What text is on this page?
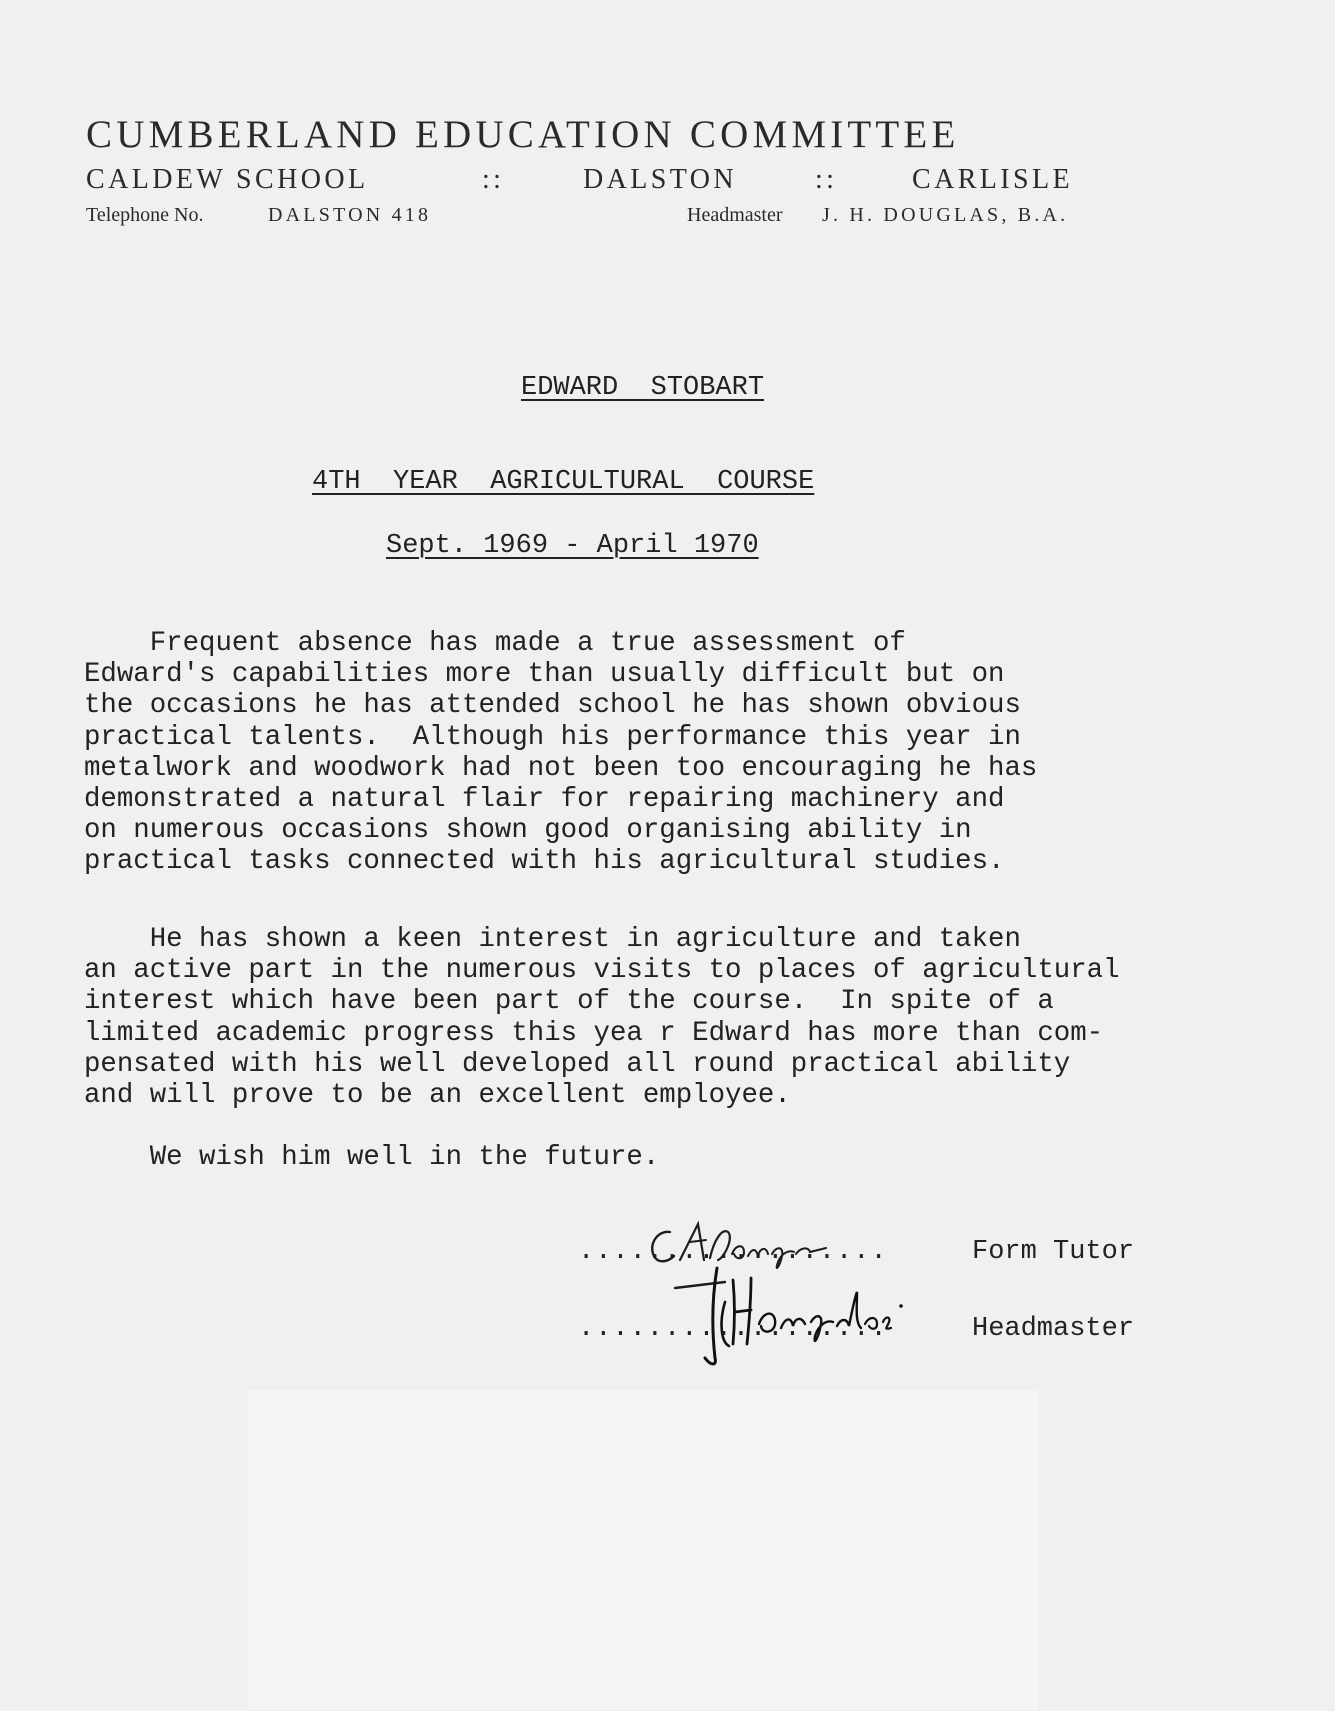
CUMBERLAND EDUCATION COMMITTEE
CALDEW SCHOOL	::	DALSTON	::	CARLISLE
Telephone No.	DALSTON 418	Headmaster J. H. DOUGLAS, B.A.
EDWARD  STOBART
4TH  YEAR  AGRICULTURAL  COURSE
Sept. 1969 - April 1970
Frequent absence has made a true assessment of
Edward's capabilities more than usually difficult but on
the occasions he has attended school he has shown obvious
practical talents.  Although his performance this year in
metalwork and woodwork had not been too encouraging he has
demonstrated a natural flair for repairing machinery and
on numerous occasions shown good organising ability in
practical tasks connected with his agricultural studies.
He has shown a keen interest in agriculture and taken
an active part in the numerous visits to places of agricultural
interest which have been part of the course.  In spite of a
limited academic progress this yea r Edward has more than com-
pensated with his well developed all round practical ability
and will prove to be an excellent employee.
We wish him well in the future.
..................	Form Tutor
..................	Headmaster
